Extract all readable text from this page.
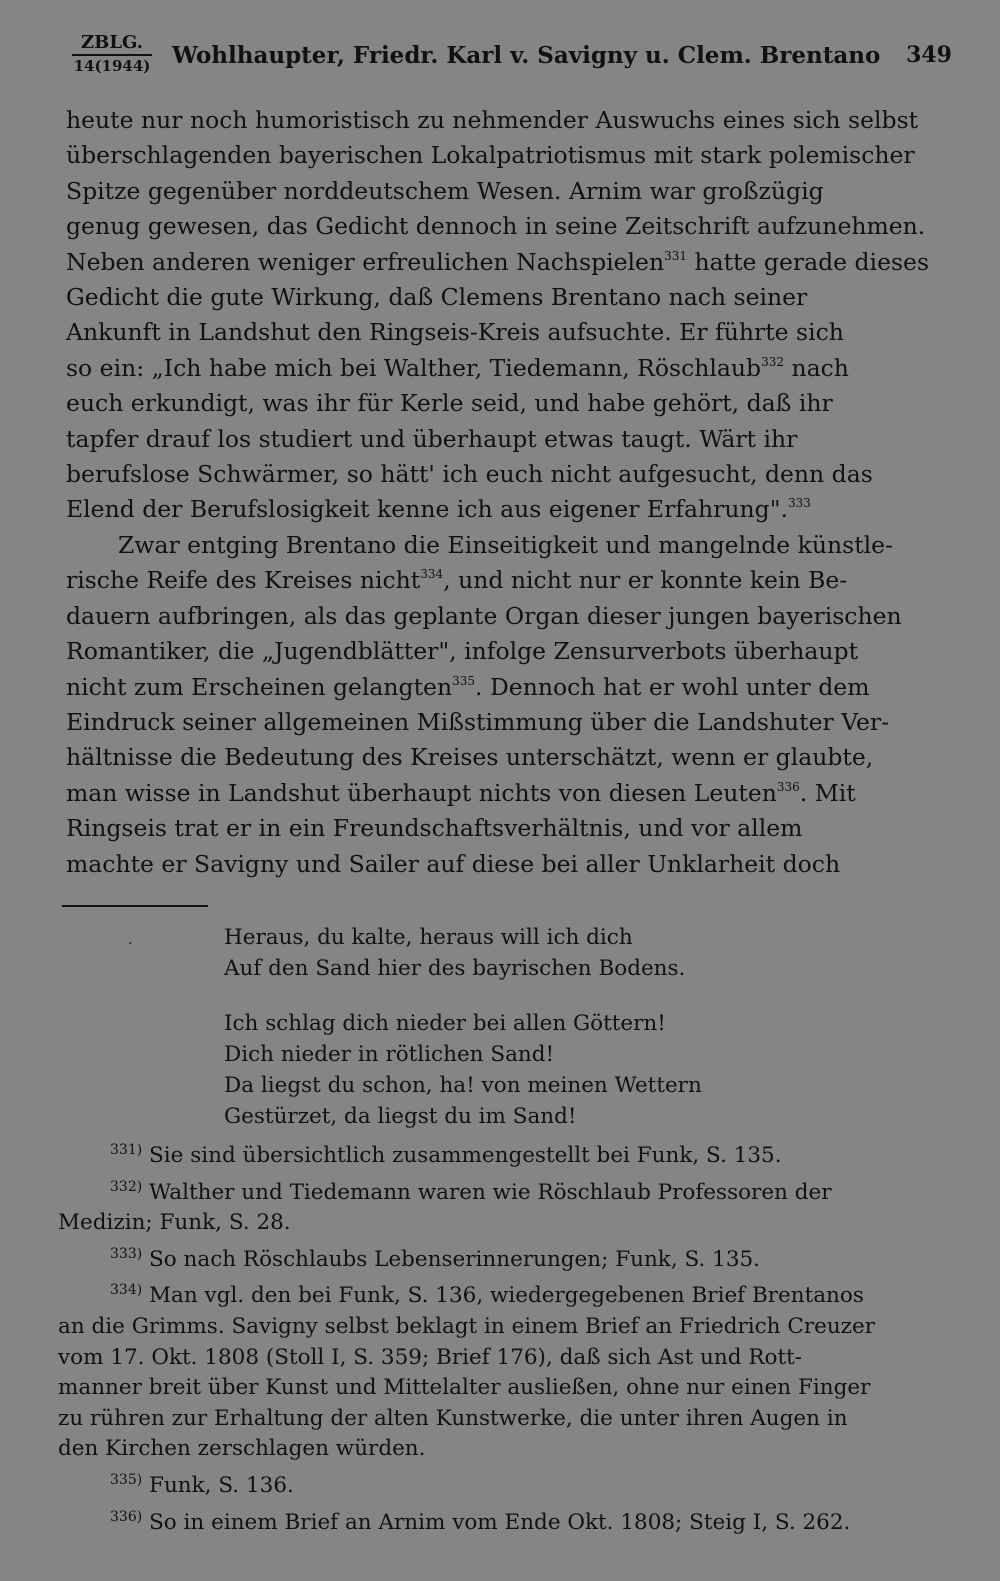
ZBLG.
14(1944) Wohlhaupter, Friedr. Karl v. Savigny u. Clem. Brentano 349
heute nur noch humoristisch zu nehmender Auswuchs eines sich selbst
überschlagenden bayerischen Lokalpatriotismus mit stark polemischer
Spitze gegenüber norddeutschem Wesen. Arnim war großzügig
genug gewesen, das Gedicht dennoch in seine Zeitschrift aufzunehmen.
Neben anderen weniger erfreulichen Nachspielen$^{331}$ hatte gerade dieses
Gedicht die gute Wirkung, daß Clemens Brentano nach seiner
Ankunft in Landshut den Ringseis-Kreis aufsuchte. Er führte sich
so ein: „Ich habe mich bei Walther, Tiedemann, Röschlaub$^{332}$ nach
euch erkundigt, was ihr für Kerle seid, und habe gehört, daß ihr
tapfer drauf los studiert und überhaupt etwas taugt. Wärt ihr
berufslose Schwärmer, so hätt' ich euch nicht aufgesucht, denn das
Elend der Berufslosigkeit kenne ich aus eigener Erfahrung".$^{333}$
Zwar entging Brentano die Einseitigkeit und mangelnde künstle-
rische Reife des Kreises nicht$^{334}$, und nicht nur er konnte kein Be-
dauern aufbringen, als das geplante Organ dieser jungen bayerischen
Romantiker, die „Jugendblätter", infolge Zensurverbots überhaupt
nicht zum Erscheinen gelangten$^{335}$. Dennoch hat er wohl unter dem
Eindruck seiner allgemeinen Mißstimmung über die Landshuter Ver-
hältnisse die Bedeutung des Kreises unterschätzt, wenn er glaubte,
man wisse in Landshut überhaupt nichts von diesen Leuten$^{336}$. Mit
Ringseis trat er in ein Freundschaftsverhältnis, und vor allem
machte er Savigny und Sailer auf diese bei aller Unklarheit doch
.	Heraus, du kalte, heraus will ich dich
Auf den Sand hier des bayrischen Bodens.
Ich schlag dich nieder bei allen Göttern!
Dich nieder in rötlichen Sand!
Da liegst du schon, ha! von meinen Wettern
Gestürzet, da liegst du im Sand!
$^{331)}$ Sie sind übersichtlich zusammengestellt bei Funk, S. 135.
$^{332)}$ Walther und Tiedemann waren wie Röschlaub Professoren der
Medizin; Funk, S. 28.
$^{333)}$ So nach Röschlaubs Lebenserinnerungen; Funk, S. 135.
$^{334)}$ Man vgl. den bei Funk, S. 136, wiedergegebenen Brief Brentanos
an die Grimms. Savigny selbst beklagt in einem Brief an Friedrich Creuzer
vom 17. Okt. 1808 (Stoll I, S. 359; Brief 176), daß sich Ast und Rott-
manner breit über Kunst und Mittelalter ausließen, ohne nur einen Finger
zu rühren zur Erhaltung der alten Kunstwerke, die unter ihren Augen in
den Kirchen zerschlagen würden.
$^{335)}$ Funk, S. 136.
$^{336)}$ So in einem Brief an Arnim vom Ende Okt. 1808; Steig I, S. 262.
